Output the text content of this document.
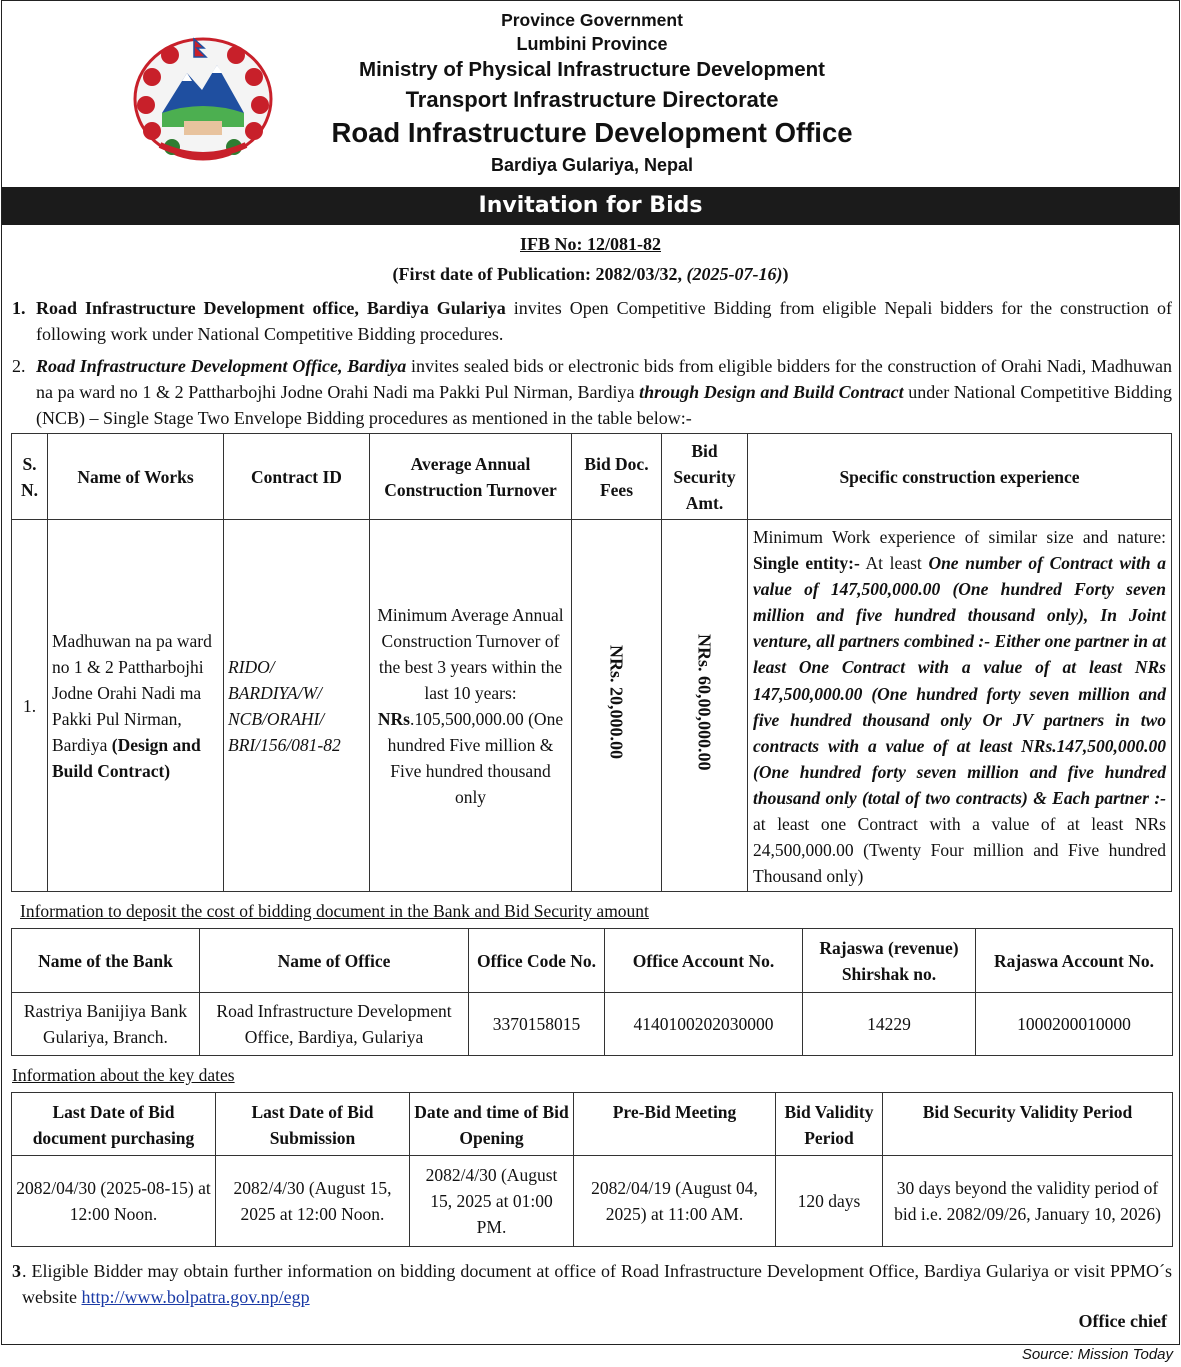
Province Government
Lumbini Province
Ministry of Physical Infrastructure Development
Transport Infrastructure Directorate
Road Infrastructure Development Office
Bardiya Gulariya, Nepal
Invitation for Bids
IFB No: 12/081-82
(First date of Publication: 2082/03/32, (2025-07-16))
1. Road Infrastructure Development office, Bardiya Gulariya invites Open Competitive Bidding from eligible Nepali bidders for the construction of following work under National Competitive Bidding procedures.
2. Road Infrastructure Development Office, Bardiya invites sealed bids or electronic bids from eligible bidders for the construction of Orahi Nadi, Madhuwan na pa ward no 1 & 2 Pattharbojhi Jodne Orahi Nadi ma Pakki Pul Nirman, Bardiya through Design and Build Contract under National Competitive Bidding (NCB) – Single Stage Two Envelope Bidding procedures as mentioned in the table below:-
S. N.	Name of Works	Contract ID	Average Annual Construction Turnover	Bid Doc. Fees	Bid Security Amt.	Specific construction experience
1.	Madhuwan na pa ward no 1 & 2 Pattharbojhi Jodne Orahi Nadi ma Pakki Pul Nirman, Bardiya (Design and Build Contract)	RIDO/ BARDIYA/W/ NCB/ORAHI/ BRI/156/081-82	Minimum Average Annual Construction Turnover of the best 3 years within the last 10 years: NRs.105,500,000.00 (One hundred Five million & Five hundred thousand only	NRs. 20,000.00	NRs. 60,00,000.00	Minimum Work experience of similar size and nature: Single entity:- At least One number of Contract with a value of 147,500,000.00 (One hundred Forty seven million and five hundred thousand only), In Joint venture, all partners combined :- Either one partner in at least One Contract with a value of at least NRs 147,500,000.00 (One hundred forty seven million and five hundred thousand only Or JV partners in two contracts with a value of at least NRs.147,500,000.00 (One hundred forty seven million and five hundred thousand only (total of two contracts) & Each partner :- at least one Contract with a value of at least NRs 24,500,000.00 (Twenty Four million and Five hundred Thousand only)
Information to deposit the cost of bidding document in the Bank and Bid Security amount
Name of the Bank	Name of Office	Office Code No.	Office Account No.	Rajaswa (revenue) Shirshak no.	Rajaswa Account No.
Rastriya Banijiya Bank Gulariya, Branch.	Road Infrastructure Development Office, Bardiya, Gulariya	3370158015	4140100202030000	14229	1000200010000
Information about the key dates
Last Date of Bid document purchasing	Last Date of Bid Submission	Date and time of Bid Opening	Pre-Bid Meeting	Bid Validity Period	Bid Security Validity Period
2082/04/30 (2025-08-15) at 12:00 Noon.	2082/4/30 (August 15, 2025 at 12:00 Noon.	2082/4/30 (August 15, 2025 at 01:00 PM.	2082/04/19 (August 04, 2025) at 11:00 AM.	120 days	30 days beyond the validity period of bid i.e. 2082/09/26, January 10, 2026)
3 . Eligible Bidder may obtain further information on bidding document at office of Road Infrastructure Development Office, Bardiya Gulariya or visit PPMO´s website http://www.bolpatra.gov.np/egp
Office chief
Source: Mission Today
